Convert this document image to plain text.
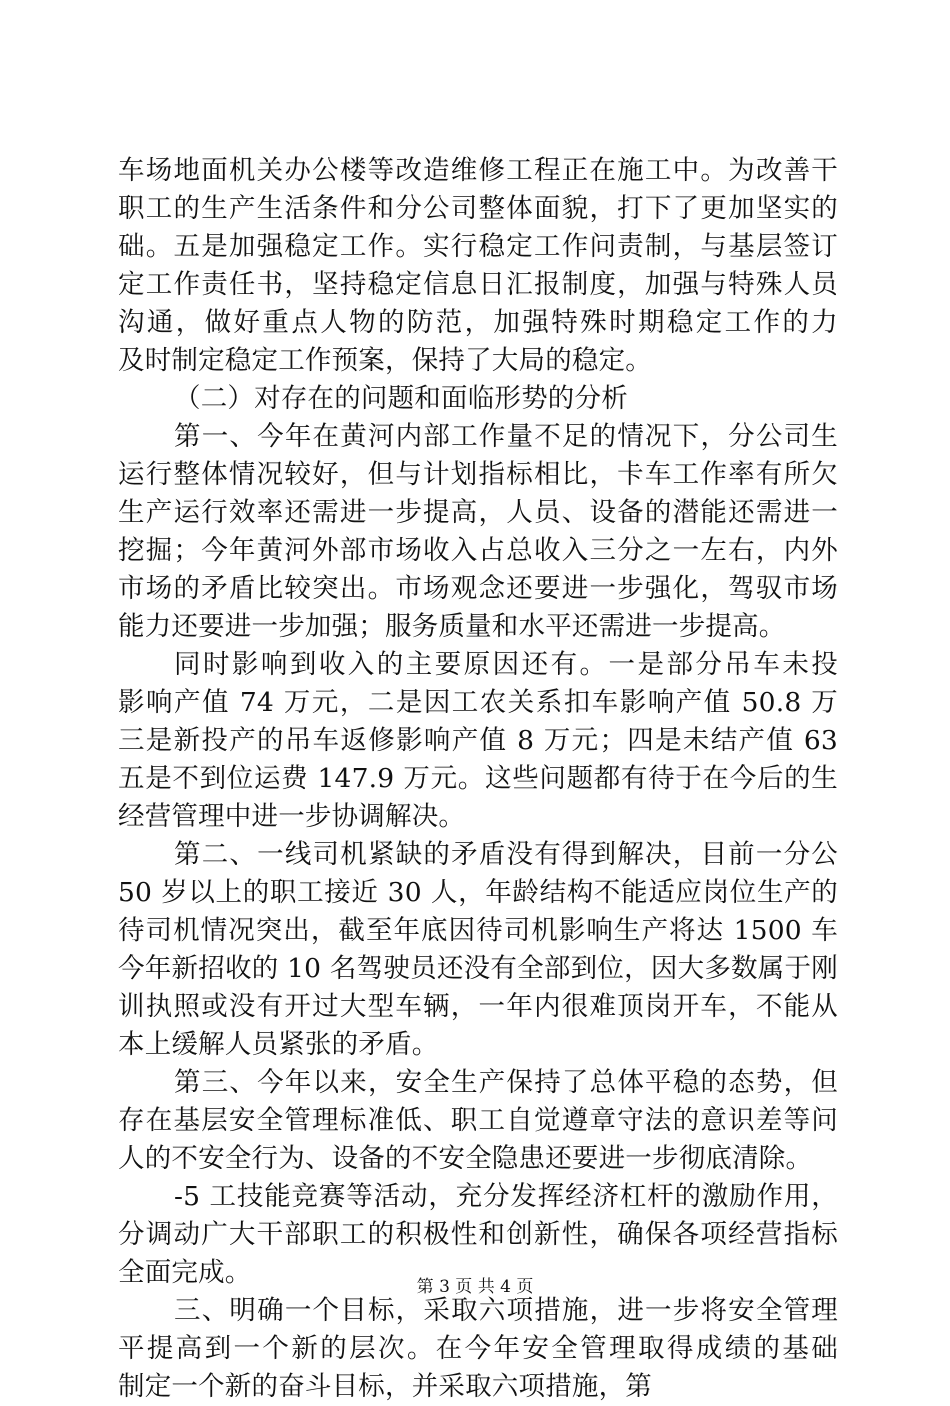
车场地面机关办公楼等改造维修工程正在施工中。为改善干
职工的生产生活条件和分公司整体面貌，打下了更加坚实的
础。五是加强稳定工作。实行稳定工作问责制，与基层签订
定工作责任书，坚持稳定信息日汇报制度，加强与特殊人员
沟通，做好重点人物的防范，加强特殊时期稳定工作的力
及时制定稳定工作预案，保持了大局的稳定。
（二）对存在的问题和面临形势的分析
第一、今年在黄河内部工作量不足的情况下，分公司生
运行整体情况较好，但与计划指标相比，卡车工作率有所欠
生产运行效率还需进一步提高，人员、设备的潜能还需进一
挖掘；今年黄河外部市场收入占总收入三分之一左右，内外
市场的矛盾比较突出。市场观念还要进一步强化，驾驭市场
能力还要进一步加强；服务质量和水平还需进一步提高。
同时影响到收入的主要原因还有。一是部分吊车未投
影响产值 74 万元，二是因工农关系扣车影响产值 50.8 万
三是新投产的吊车返修影响产值 8 万元；四是未结产值 63
五是不到位运费 147.9 万元。这些问题都有待于在今后的生
经营管理中进一步协调解决。
第二、一线司机紧缺的矛盾没有得到解决，目前一分公
50 岁以上的职工接近 30 人，年龄结构不能适应岗位生产的
待司机情况突出，截至年底因待司机影响生产将达 1500 车
今年新招收的 10 名驾驶员还没有全部到位，因大多数属于刚
训执照或没有开过大型车辆，一年内很难顶岗开车，不能从
本上缓解人员紧张的矛盾。
第三、今年以来，安全生产保持了总体平稳的态势，但
存在基层安全管理标准低、职工自觉遵章守法的意识差等问
人的不安全行为、设备的不安全隐患还要进一步彻底清除。
-5 工技能竞赛等活动，充分发挥经济杠杆的激励作用，
分调动广大干部职工的积极性和创新性，确保各项经营指标
全面完成。
三、明确一个目标，采取六项措施，进一步将安全管理
平提高到一个新的层次。在今年安全管理取得成绩的基础
制定一个新的奋斗目标，并采取六项措施，第
第 3 页 共 4 页
